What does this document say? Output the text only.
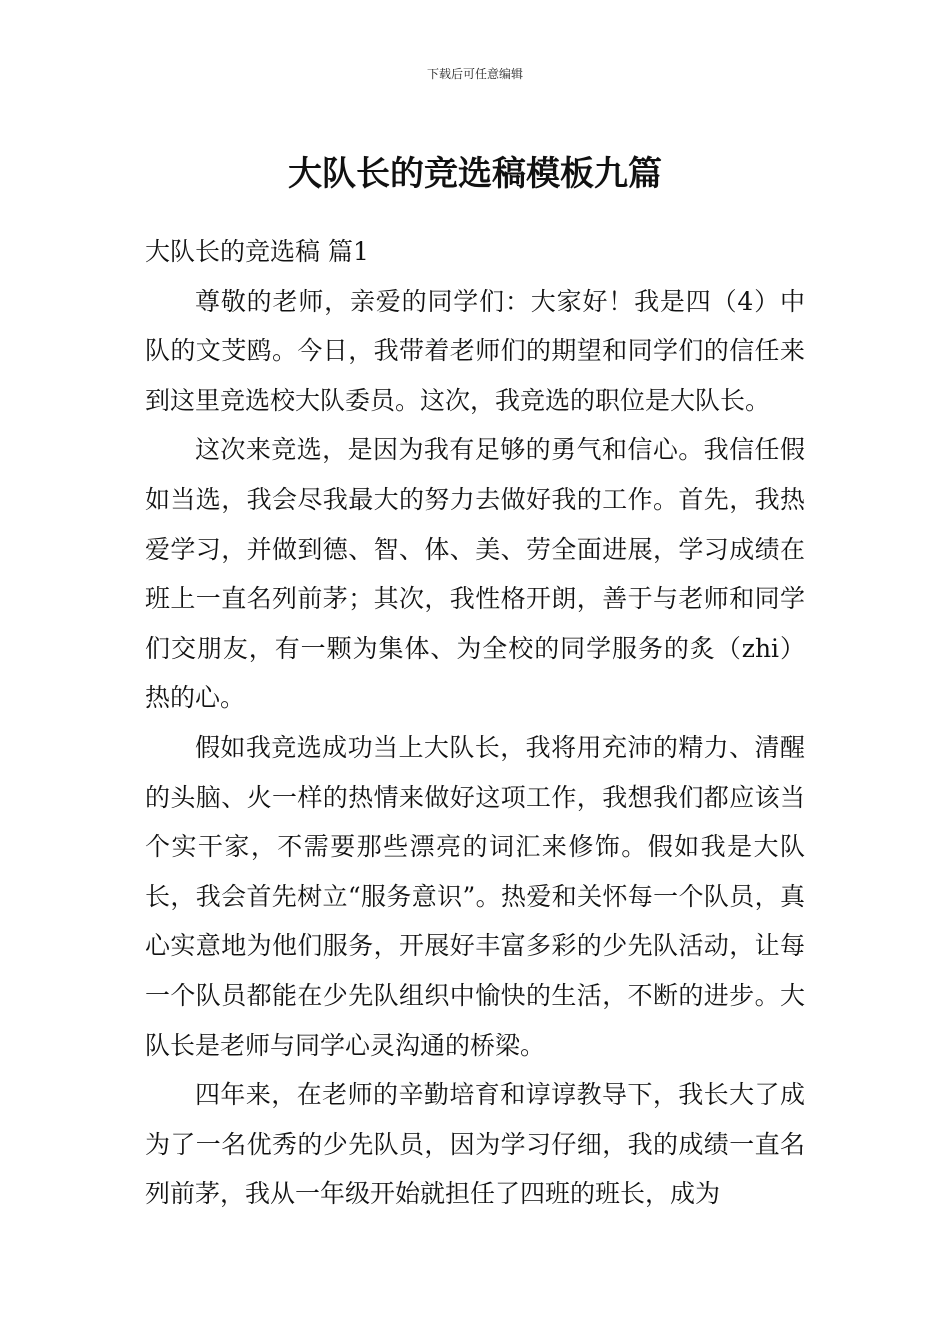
下载后可任意编辑
大队长的竞选稿模板九篇
大队长的竞选稿 篇1

尊敬的老师，亲爱的同学们：大家好！我是四（4）中队的文芠鸥。今日，我带着老师们的期望和同学们的信任来到这里竞选校大队委员。这次，我竞选的职位是大队长。

这次来竞选，是因为我有足够的勇气和信心。我信任假如当选，我会尽我最大的努力去做好我的工作。首先，我热爱学习，并做到德、智、体、美、劳全面进展，学习成绩在班上一直名列前茅；其次，我性格开朗，善于与老师和同学们交朋友，有一颗为集体、为全校的同学服务的炙（zhi）热的心。

假如我竞选成功当上大队长，我将用充沛的精力、清醒的头脑、火一样的热情来做好这项工作，我想我们都应该当个实干家，不需要那些漂亮的词汇来修饰。假如我是大队长，我会首先树立“服务意识”。热爱和关怀每一个队员，真心实意地为他们服务，开展好丰富多彩的少先队活动，让每一个队员都能在少先队组织中愉快的生活，不断的进步。大队长是老师与同学心灵沟通的桥梁。

四年来，在老师的辛勤培育和谆谆教导下，我长大了成为了一名优秀的少先队员，因为学习仔细，我的成绩一直名列前茅，我从一年级开始就担任了四班的班长，成为
